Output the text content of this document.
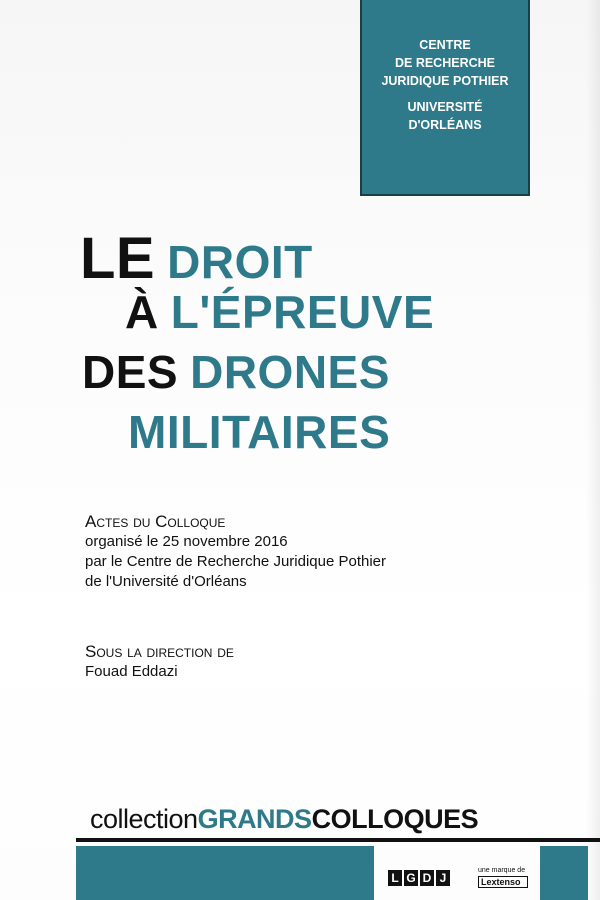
CENTRE
DE RECHERCHE
JURIDIQUE POTHIER
UNIVERSITÉ
D'ORLÉANS
LE DROIT
À L'ÉPREUVE
DES DRONES
MILITAIRES
Actes du Colloque
organisé le 25 novembre 2016
par le Centre de Recherche Juridique Pothier
de l'Université d'Orléans
Sous la direction de
Fouad Eddazi
collectionGRANDSCOLLOQUES
L G D J
une marque de
Lextenso
